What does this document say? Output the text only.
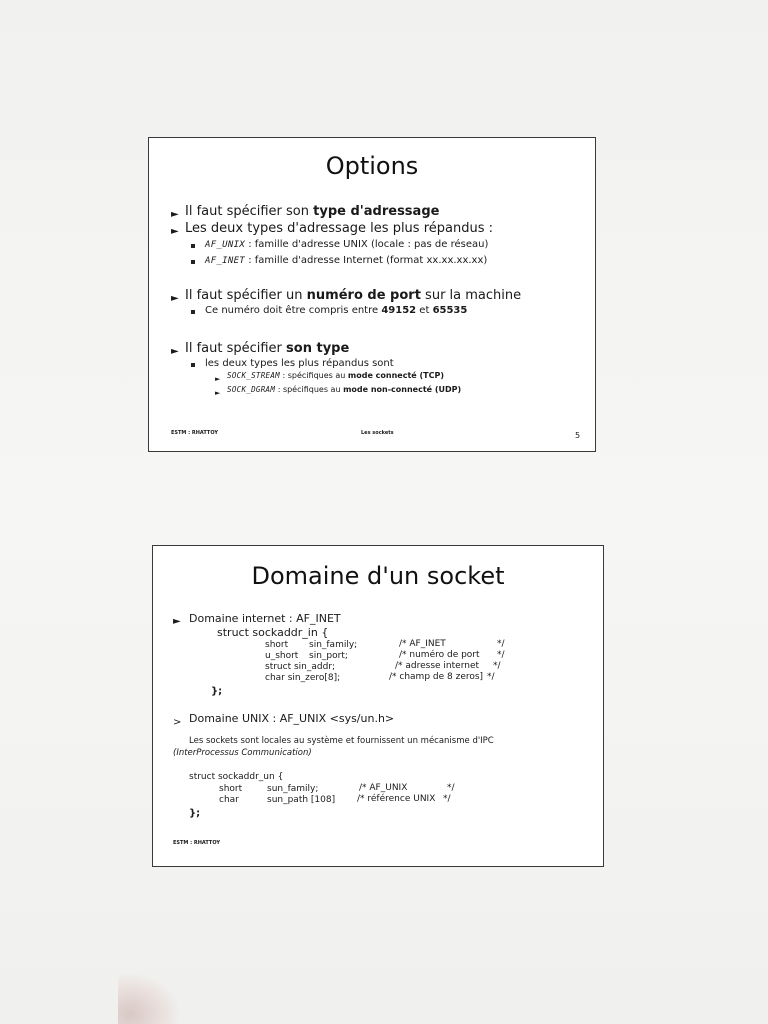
Options
► Il faut spécifier son type d'adressage
► Les deux types d'adressage les plus répandus :
AF_UNIX : famille d'adresse UNIX (locale : pas de réseau)
AF_INET : famille d'adresse Internet (format xx.xx.xx.xx)
► Il faut spécifier un numéro de port sur la machine
Ce numéro doit être compris entre 49152 et 65535
► Il faut spécifier son type
les deux types les plus répandus sont
► SOCK_STREAM : spécifiques au mode connecté (TCP)
► SOCK_DGRAM : spécifiques au mode non-connecté (UDP)
ESTM : RHATTOY	Les sockets	5
Domaine d'un socket
► Domaine internet : AF_INET
struct sockaddr_in {
short sin_family;	/* AF_INET	*/
u_short sin_port;	/* numéro de port */
struct sin_addr;	/* adresse internet */
char sin_zero[8];	/* champ de 8 zeros] */
};
> Domaine UNIX : AF_UNIX <sys/un.h>
Les sockets sont locales au système et fournissent un mécanisme d'IPC
(InterProcessus Communication)
struct sockaddr_un {
short	sun_family;	/* AF_UNIX	*/
char	sun_path [108] /* référence UNIX */
};
ESTM : RHATTOY
